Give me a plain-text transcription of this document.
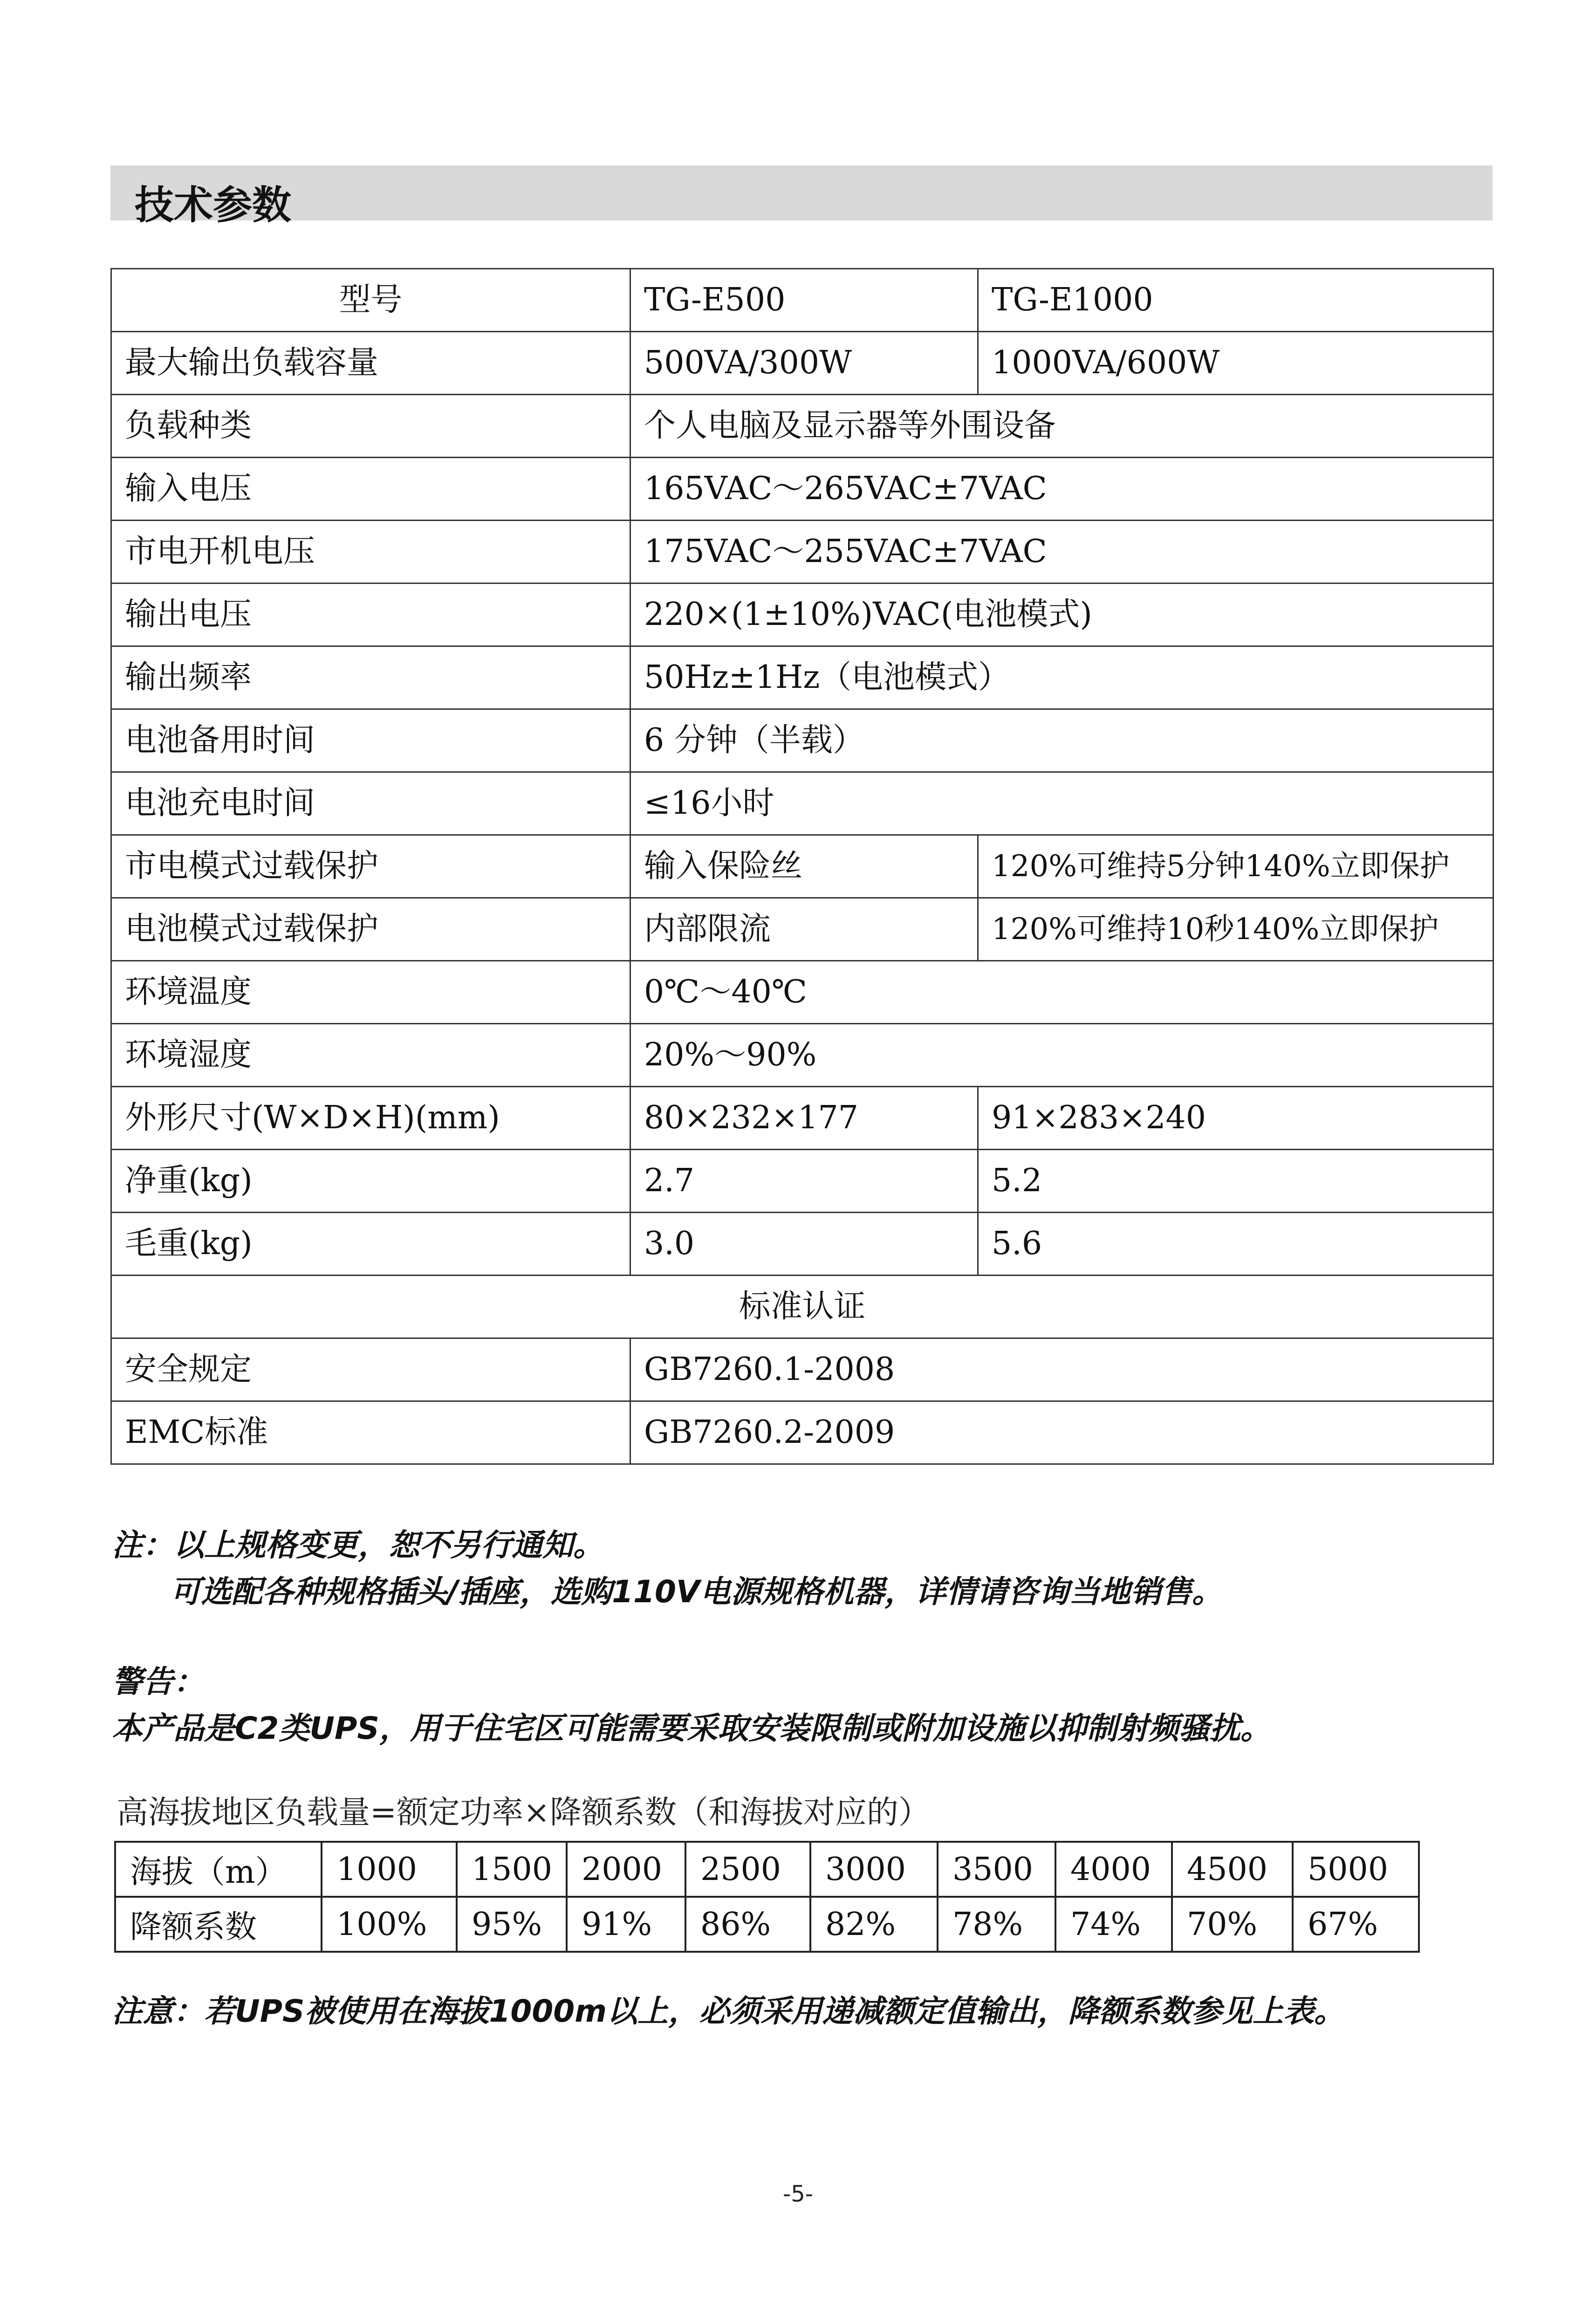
技术参数
型号	TG-E500	TG-E1000
最大输出负载容量	500VA/300W	1000VA/600W
负载种类	个人电脑及显示器等外围设备	
输入电压	165VAC～265VAC±7VAC	
市电开机电压	175VAC～255VAC±7VAC	
输出电压	220×(1±10%)VAC(电池模式)	
输出频率	50Hz±1Hz（电池模式）	
电池备用时间	6 分钟（半载）	
电池充电时间	≤16小时	
市电模式过载保护	输入保险丝	120%可维持5分钟140%立即保护
电池模式过载保护	内部限流	120%可维持10秒140%立即保护
环境温度	0℃～40℃	
环境湿度	20%～90%	
外形尺寸(W×D×H)(mm)	80×232×177	91×283×240
净重(kg)	2.7	5.2
毛重(kg)	3.0	5.6
标准认证		
安全规定	GB7260.1-2008	
EMC标准	GB7260.2-2009	
注：以上规格变更，恕不另行通知。
可选配各种规格插头/插座，选购110V电源规格机器，详情请咨询当地销售。
警告：
本产品是C2类UPS，用于住宅区可能需要采取安装限制或附加设施以抑制射频骚扰。
高海拔地区负载量=额定功率×降额系数（和海拔对应的）
海拔（m）	1000	1500	2000	2500	3000	3500	4000	4500	5000
降额系数	100%	95%	91%	86%	82%	78%	74%	70%	67%
注意：若UPS被使用在海拔1000m以上，必须采用递减额定值输出，降额系数参见上表。
-5-
